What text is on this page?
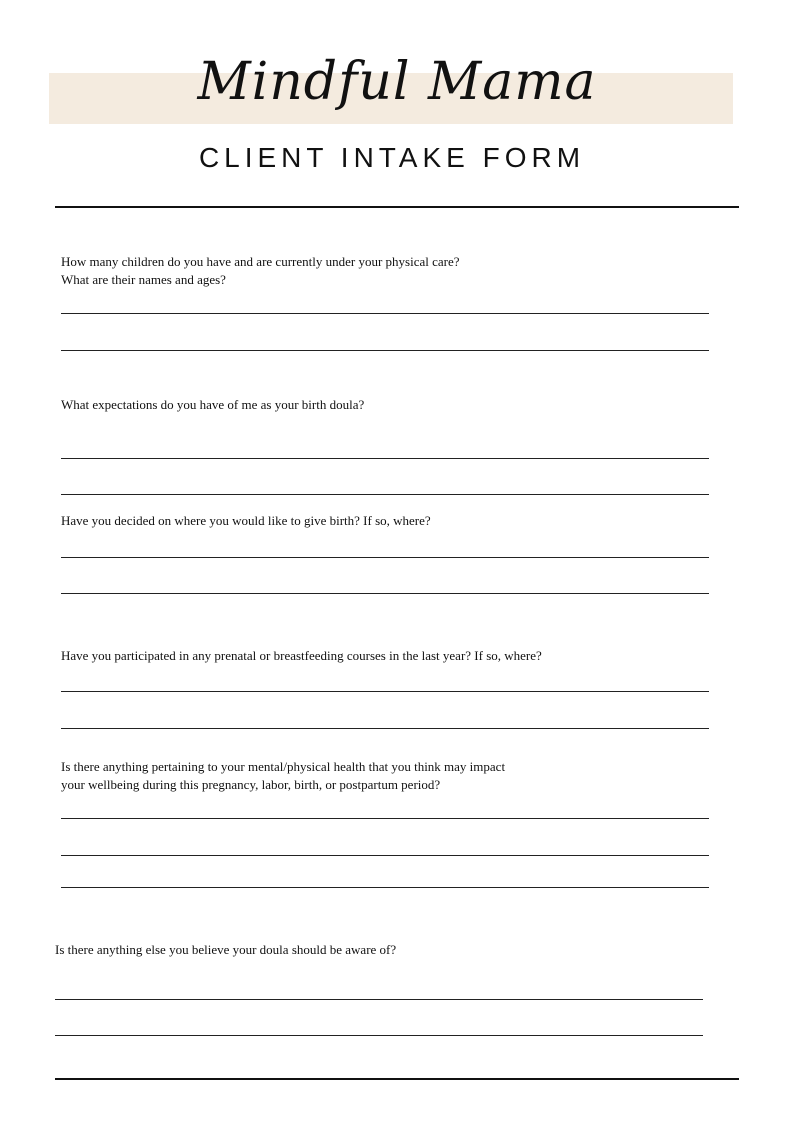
Mindful Mama
CLIENT INTAKE FORM
How many children do you have and are currently under your physical care?
What are their names and ages?
What expectations do you have of me as your birth doula?
Have you decided on where you would like to give birth? If so, where?
Have you participated in any prenatal or breastfeeding courses in the last year? If so, where?
Is there anything pertaining to your mental/physical health that you think may impact
your wellbeing during this pregnancy, labor, birth, or postpartum period?
Is there anything else you believe your doula should be aware of?
